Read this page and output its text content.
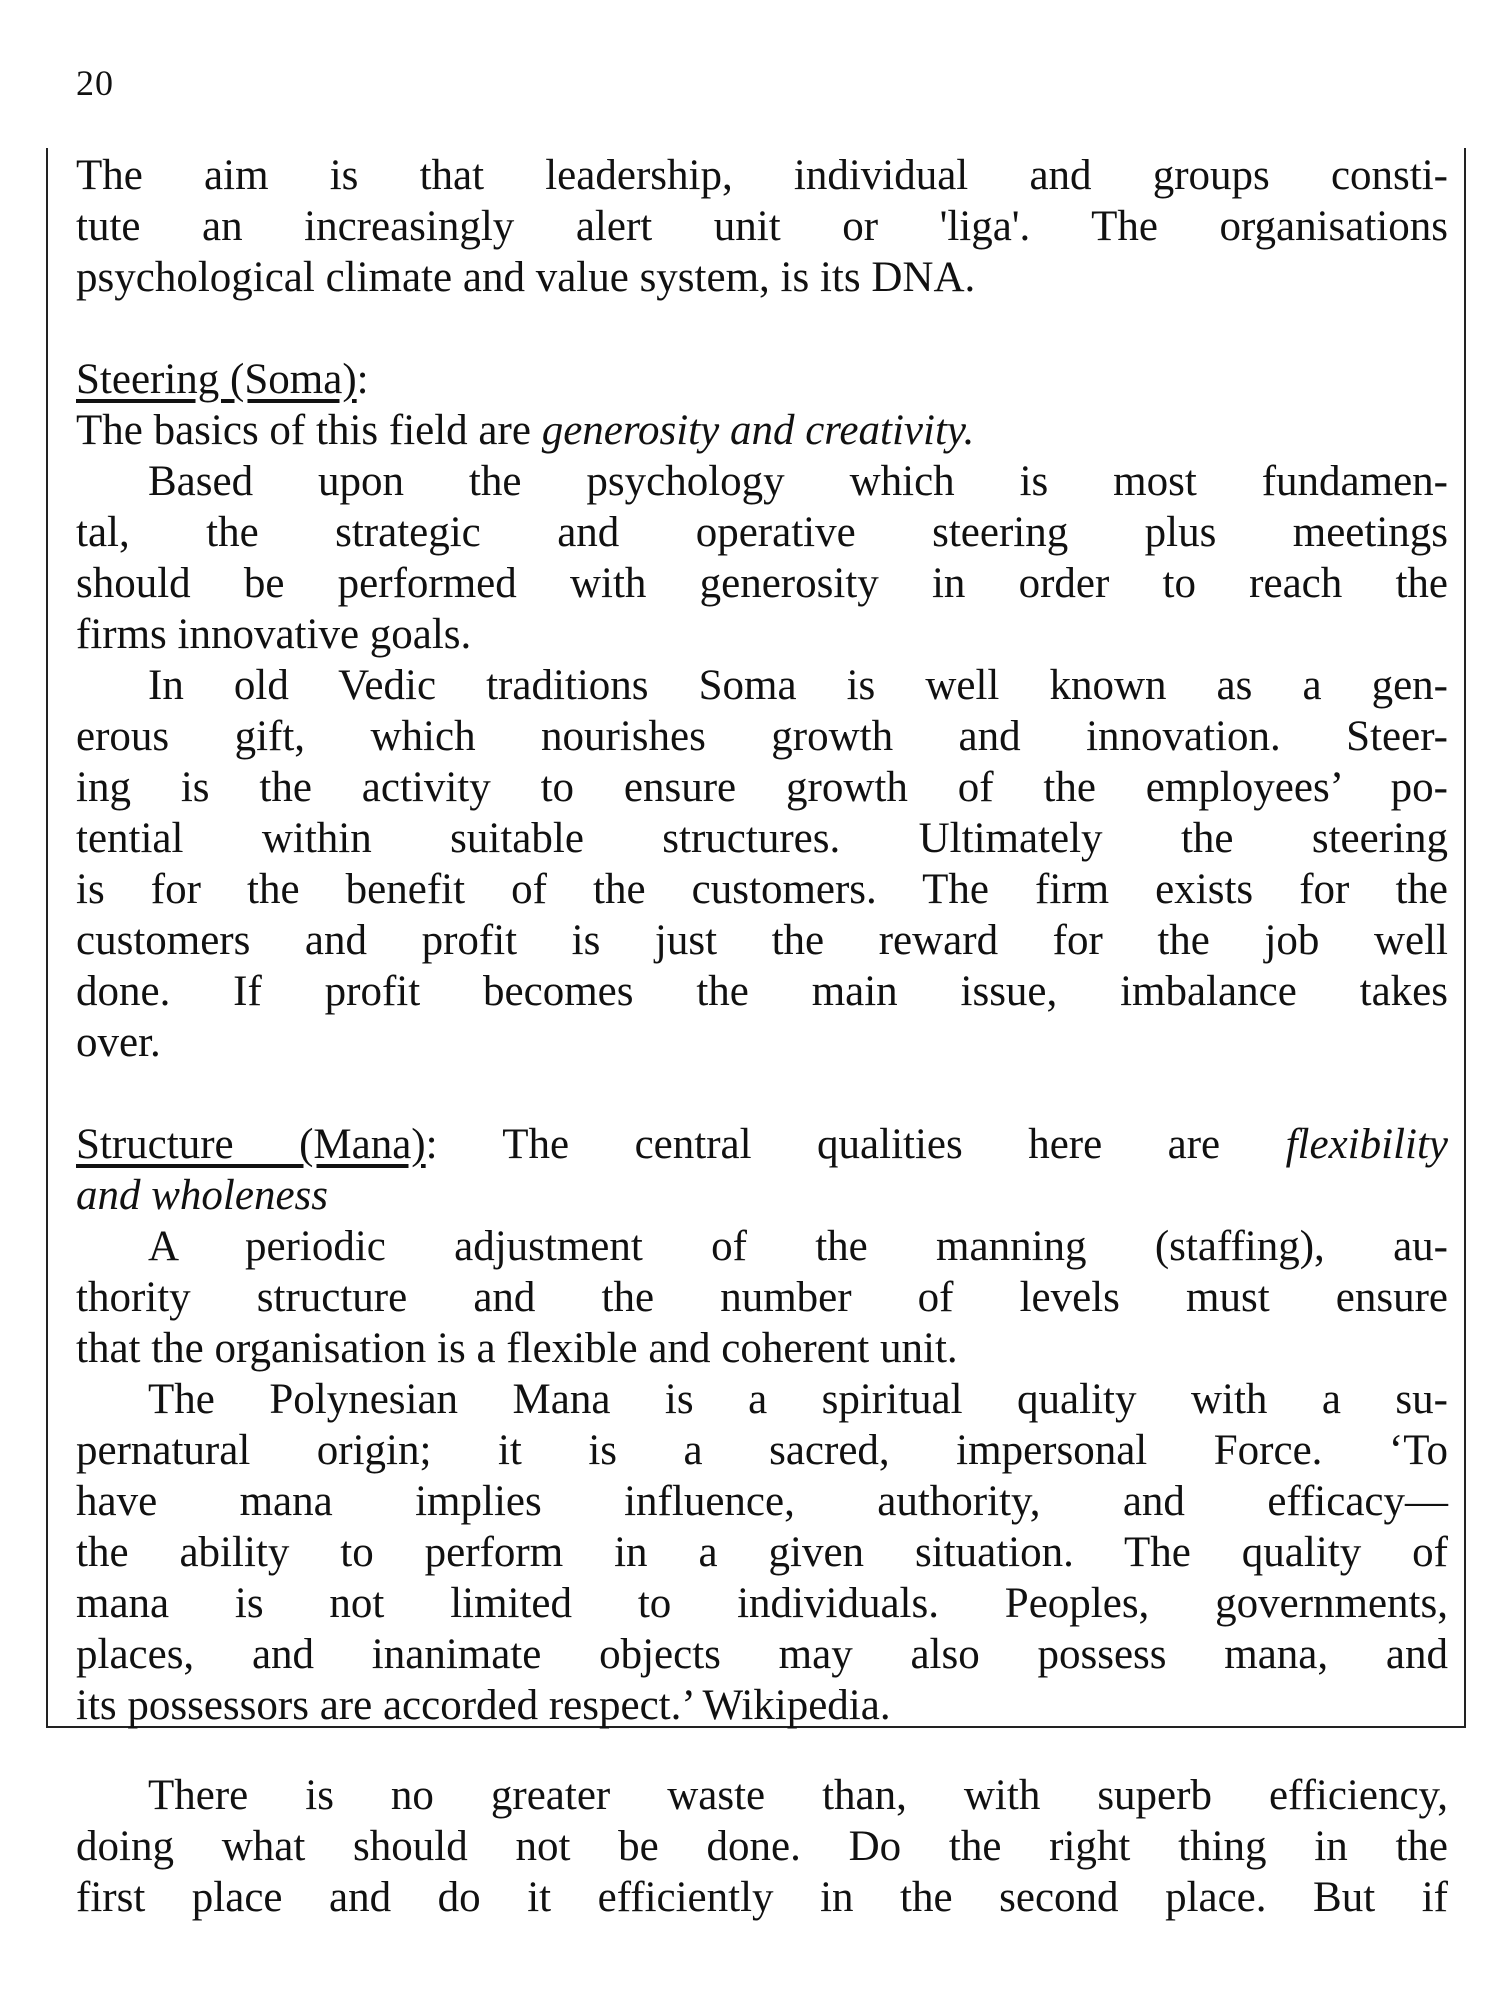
20
The aim is that leadership, individual and groups consti-
tute an increasingly alert unit or 'liga'. The organisations
psychological climate and value system, is its DNA.
Steering (Soma):
The basics of this field are generosity and creativity.
Based upon the psychology which is most fundamen-
tal, the strategic and operative steering plus meetings
should be performed with generosity in order to reach the
firms innovative goals.
In old Vedic traditions Soma is well known as a gen-
erous gift, which nourishes growth and innovation. Steer-
ing is the activity to ensure growth of the employees’ po-
tential within suitable structures. Ultimately the steering
is for the benefit of the customers. The firm exists for the
customers and profit is just the reward for the job well
done. If profit becomes the main issue, imbalance takes
over.
Structure (Mana): The central qualities here are flexibility
and wholeness
A periodic adjustment of the manning (staffing), au-
thority structure and the number of levels must ensure
that the organisation is a flexible and coherent unit.
The Polynesian Mana is a spiritual quality with a su-
pernatural origin; it is a sacred, impersonal Force. ‘To
have mana implies influence, authority, and efficacy—
the ability to perform in a given situation. The quality of
mana is not limited to individuals. Peoples, governments,
places, and inanimate objects may also possess mana, and
its possessors are accorded respect.’ Wikipedia.
There is no greater waste than, with superb efficiency,
doing what should not be done. Do the right thing in the
first place and do it efficiently in the second place. But if
